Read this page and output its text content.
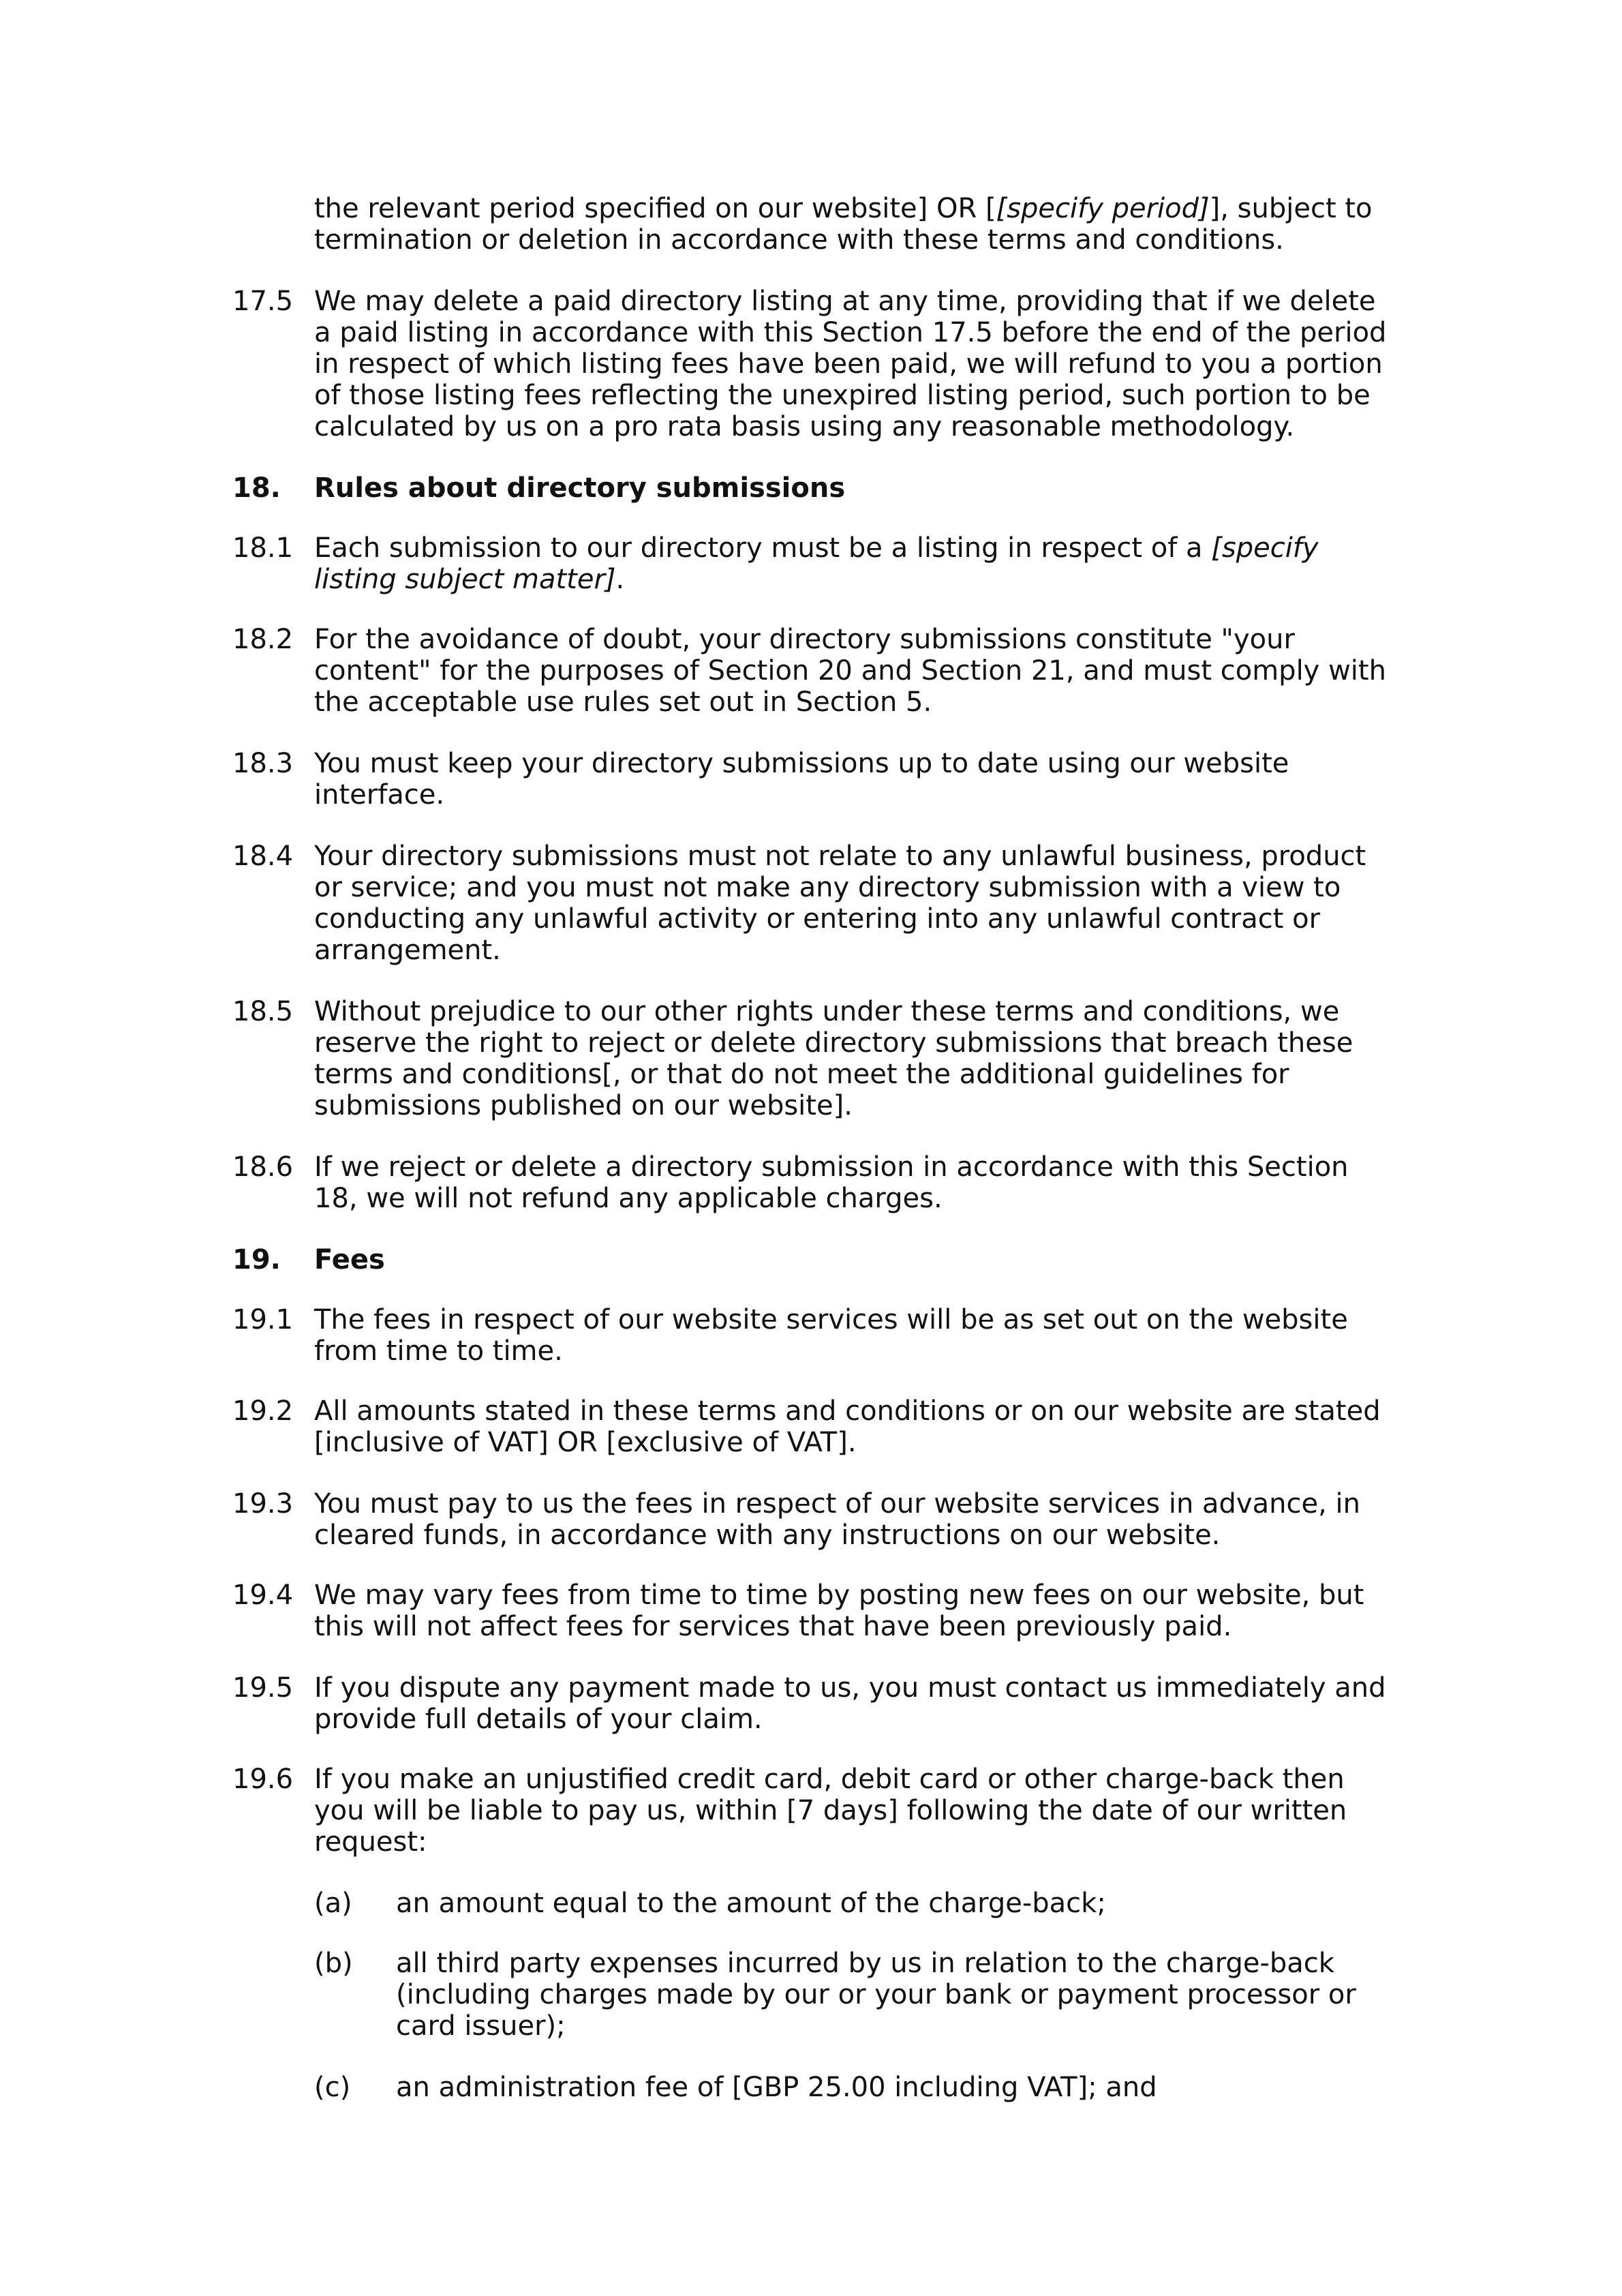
the relevant period specified on our website] OR [[specify period]], subject to
termination or deletion in accordance with these terms and conditions.
17.5 We may delete a paid directory listing at any time, providing that if we delete
a paid listing in accordance with this Section 17.5 before the end of the period
in respect of which listing fees have been paid, we will refund to you a portion
of those listing fees reflecting the unexpired listing period, such portion to be
calculated by us on a pro rata basis using any reasonable methodology.
18. Rules about directory submissions
18.1 Each submission to our directory must be a listing in respect of a [specify
listing subject matter].
18.2 For the avoidance of doubt, your directory submissions constitute "your
content" for the purposes of Section 20 and Section 21, and must comply with
the acceptable use rules set out in Section 5.
18.3 You must keep your directory submissions up to date using our website
interface.
18.4 Your directory submissions must not relate to any unlawful business, product
or service; and you must not make any directory submission with a view to
conducting any unlawful activity or entering into any unlawful contract or
arrangement.
18.5 Without prejudice to our other rights under these terms and conditions, we
reserve the right to reject or delete directory submissions that breach these
terms and conditions[, or that do not meet the additional guidelines for
submissions published on our website].
18.6 If we reject or delete a directory submission in accordance with this Section
18, we will not refund any applicable charges.
19. Fees
19.1 The fees in respect of our website services will be as set out on the website
from time to time.
19.2 All amounts stated in these terms and conditions or on our website are stated
[inclusive of VAT] OR [exclusive of VAT].
19.3 You must pay to us the fees in respect of our website services in advance, in
cleared funds, in accordance with any instructions on our website.
19.4 We may vary fees from time to time by posting new fees on our website, but
this will not affect fees for services that have been previously paid.
19.5 If you dispute any payment made to us, you must contact us immediately and
provide full details of your claim.
19.6 If you make an unjustified credit card, debit card or other charge-back then
you will be liable to pay us, within [7 days] following the date of our written
request:
(a) an amount equal to the amount of the charge-back;
(b) all third party expenses incurred by us in relation to the charge-back
(including charges made by our or your bank or payment processor or
card issuer);
(c) an administration fee of [GBP 25.00 including VAT]; and
